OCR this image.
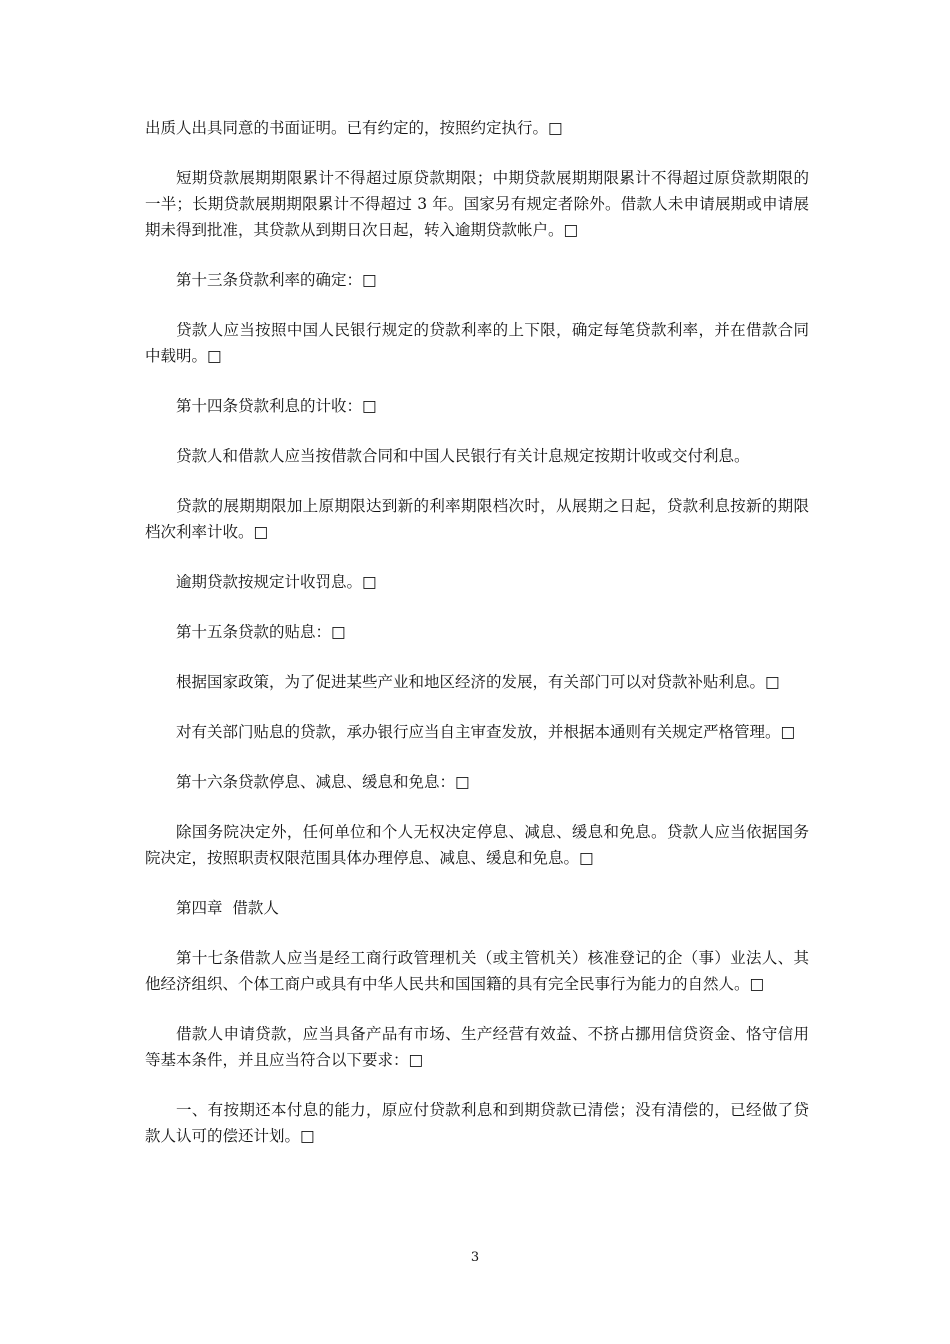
出质人出具同意的书面证明。已有约定的，按照约定执行。□

短期贷款展期期限累计不得超过原贷款期限；中期贷款展期期限累计不得超过原贷款期限的一半；长期贷款展期期限累计不得超过 3 年。国家另有规定者除外。借款人未申请展期或申请展期未得到批准，其贷款从到期日次日起，转入逾期贷款帐户。□

第十三条贷款利率的确定：□

贷款人应当按照中国人民银行规定的贷款利率的上下限，确定每笔贷款利率，并在借款合同中载明。□

第十四条贷款利息的计收：□

贷款人和借款人应当按借款合同和中国人民银行有关计息规定按期计收或交付利息。

贷款的展期期限加上原期限达到新的利率期限档次时，从展期之日起，贷款利息按新的期限档次利率计收。□

逾期贷款按规定计收罚息。□

第十五条贷款的贴息：□

根据国家政策，为了促进某些产业和地区经济的发展，有关部门可以对贷款补贴利息。□

对有关部门贴息的贷款，承办银行应当自主审查发放，并根据本通则有关规定严格管理。□

第十六条贷款停息、减息、缓息和免息：□

除国务院决定外，任何单位和个人无权决定停息、减息、缓息和免息。贷款人应当依据国务院决定，按照职责权限范围具体办理停息、减息、缓息和免息。□

第四章  借款人

第十七条借款人应当是经工商行政管理机关（或主管机关）核准登记的企（事）业法人、其他经济组织、个体工商户或具有中华人民共和国国籍的具有完全民事行为能力的自然人。□

借款人申请贷款，应当具备产品有市场、生产经营有效益、不挤占挪用信贷资金、恪守信用等基本条件，并且应当符合以下要求：□

一、有按期还本付息的能力，原应付贷款利息和到期贷款已清偿；没有清偿的，已经做了贷款人认可的偿还计划。□

3
